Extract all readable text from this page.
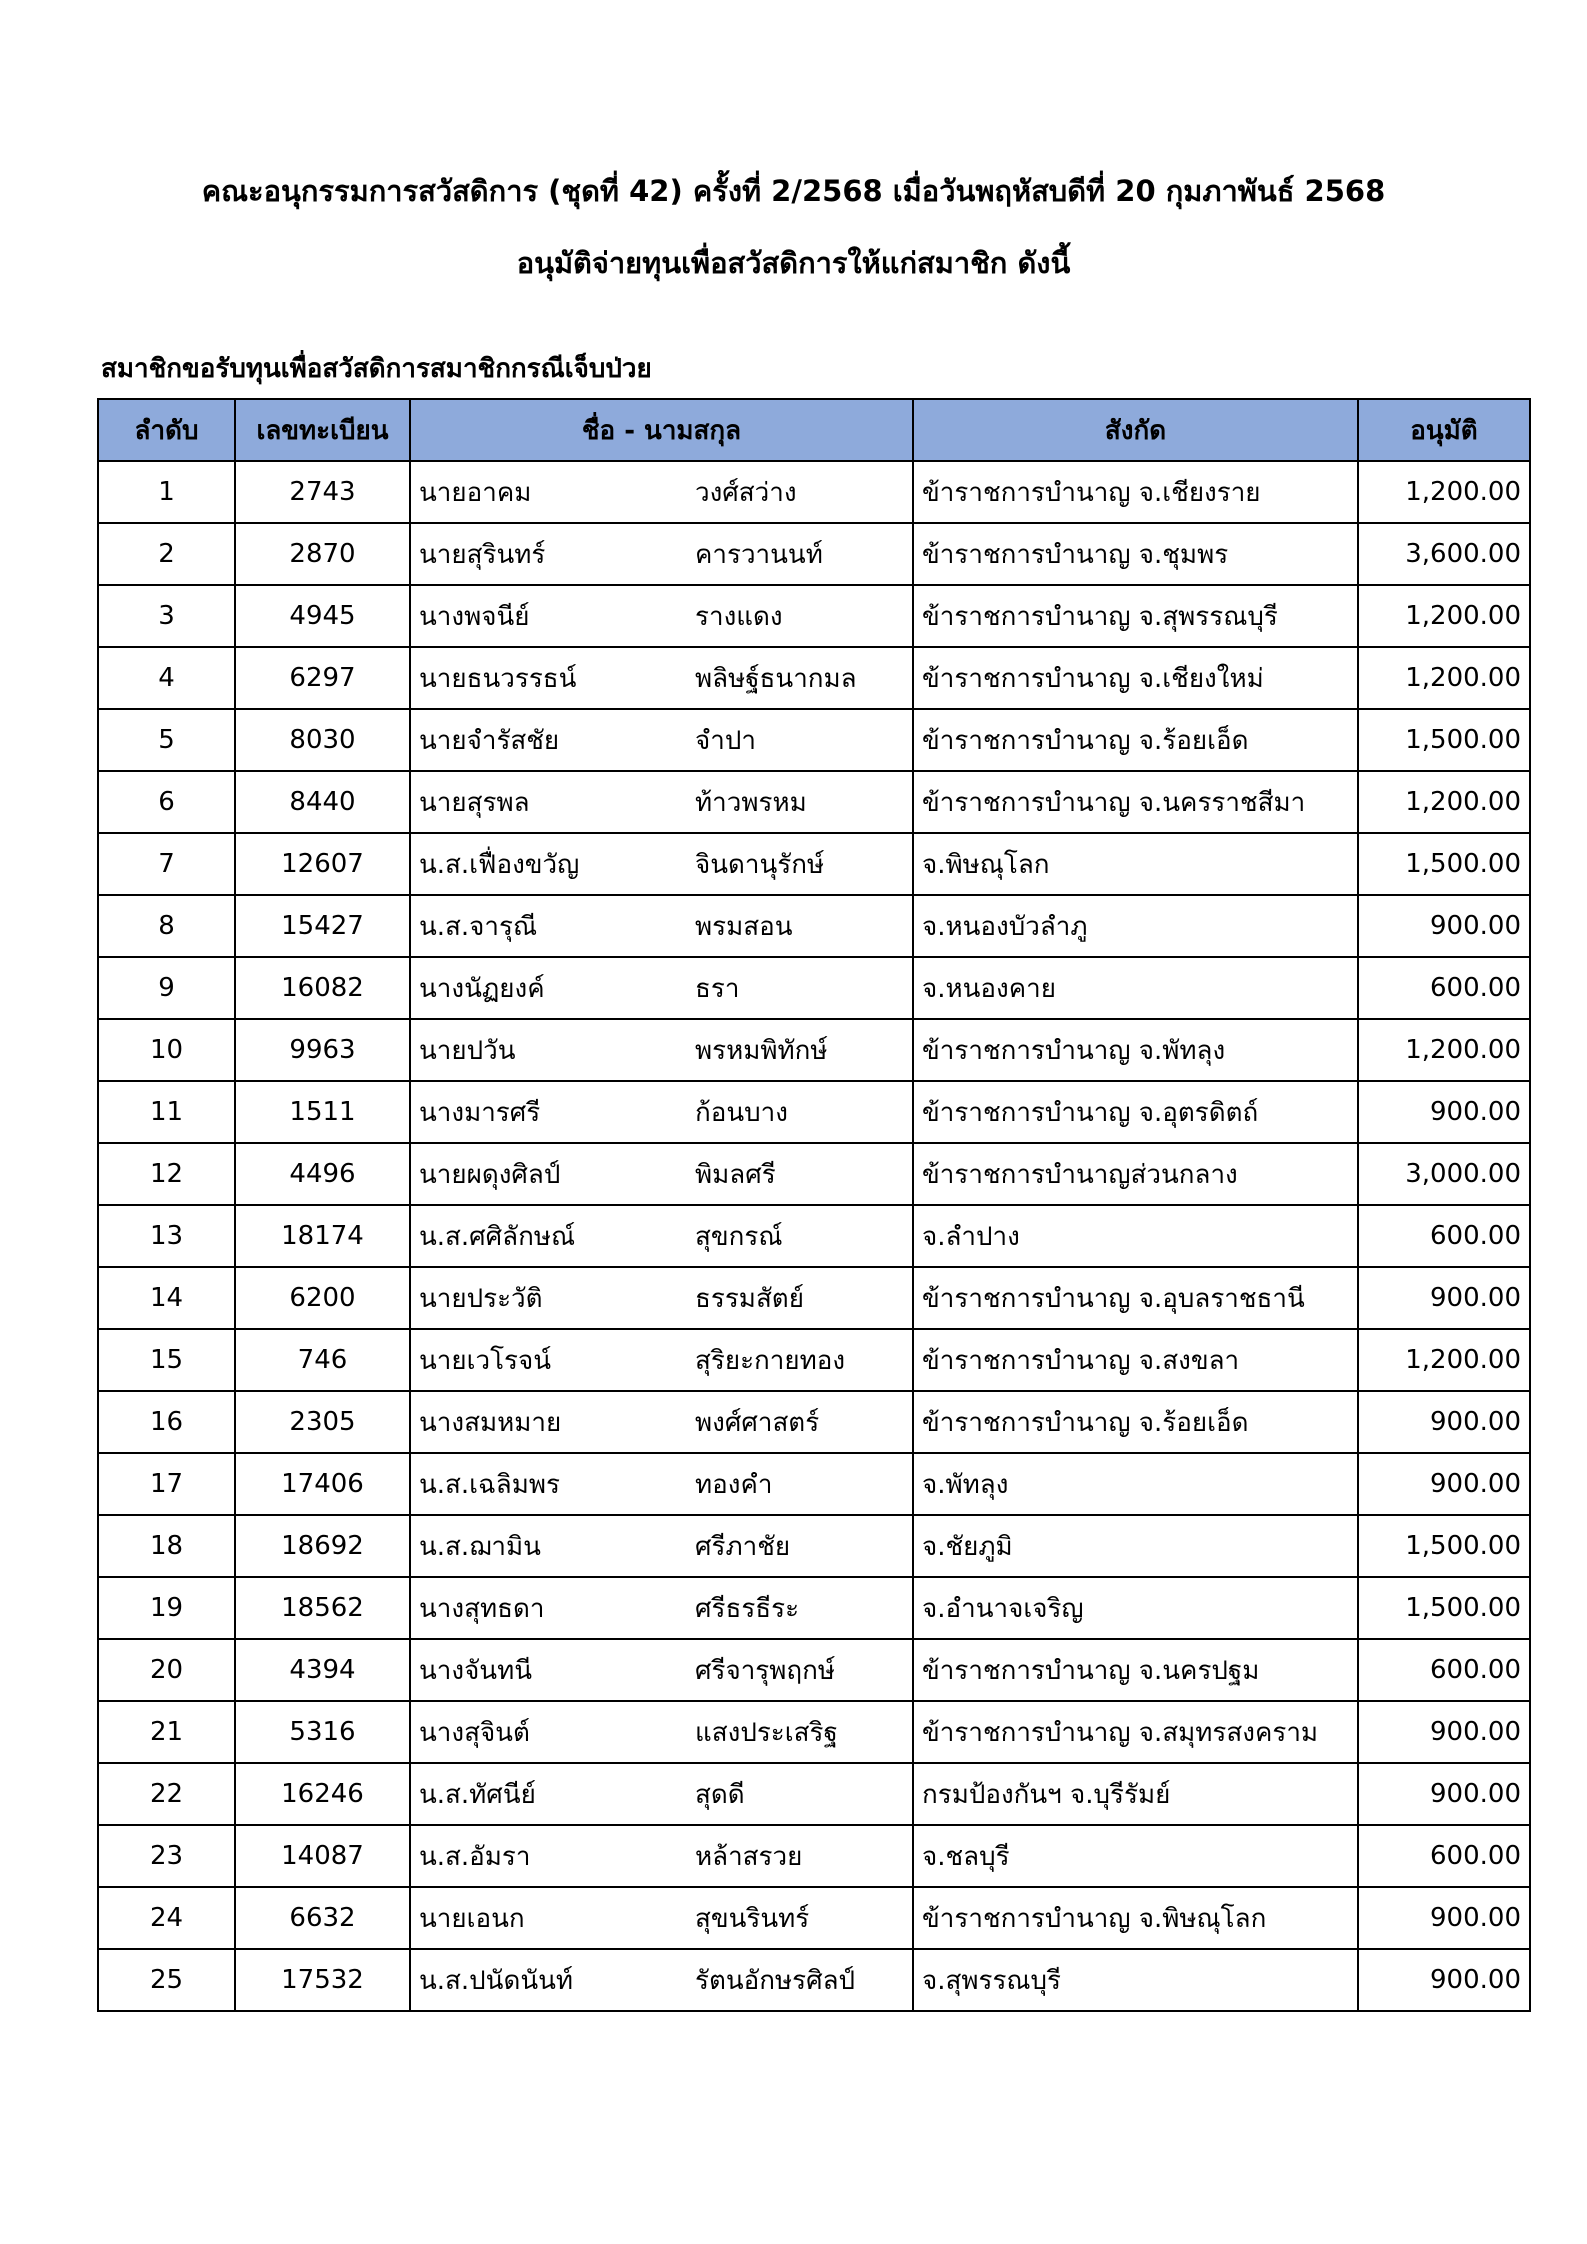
คณะอนุกรรมการสวัสดิการ (ชุดที่ 42) ครั้งที่ 2/2568 เมื่อวันพฤหัสบดีที่ 20 กุมภาพันธ์ 2568
อนุมัติจ่ายทุนเพื่อสวัสดิการให้แก่สมาชิก ดังนี้
สมาชิกขอรับทุนเพื่อสวัสดิการสมาชิกกรณีเจ็บป่วย
ลำดับ	เลขทะเบียน	ชื่อ - นามสกุล		สังกัด	อนุมัติ
1	2743	นายอาคม	วงศ์สว่าง	ข้าราชการบำนาญ จ.เชียงราย	1,200.00
2	2870	นายสุรินทร์	คารวานนท์	ข้าราชการบำนาญ จ.ชุมพร	3,600.00
3	4945	นางพจนีย์	รางแดง	ข้าราชการบำนาญ จ.สุพรรณบุรี	1,200.00
4	6297	นายธนวรรธน์	พลิษฐ์ธนากมล	ข้าราชการบำนาญ จ.เชียงใหม่	1,200.00
5	8030	นายจำรัสชัย	จำปา	ข้าราชการบำนาญ จ.ร้อยเอ็ด	1,500.00
6	8440	นายสุรพล	ท้าวพรหม	ข้าราชการบำนาญ จ.นครราชสีมา	1,200.00
7	12607	น.ส.เฟื่องขวัญ	จินดานุรักษ์	จ.พิษณุโลก	1,500.00
8	15427	น.ส.จารุณี	พรมสอน	จ.หนองบัวลำภู	900.00
9	16082	นางนัฏยงค์	ธรา	จ.หนองคาย	600.00
10	9963	นายปวัน	พรหมพิทักษ์	ข้าราชการบำนาญ จ.พัทลุง	1,200.00
11	1511	นางมารศรี	ก้อนบาง	ข้าราชการบำนาญ จ.อุตรดิตถ์	900.00
12	4496	นายผดุงศิลป์	พิมลศรี	ข้าราชการบำนาญส่วนกลาง	3,000.00
13	18174	น.ส.ศศิลักษณ์	สุขกรณ์	จ.ลำปาง	600.00
14	6200	นายประวัติ	ธรรมสัตย์	ข้าราชการบำนาญ จ.อุบลราชธานี	900.00
15	746	นายเวโรจน์	สุริยะกายทอง	ข้าราชการบำนาญ จ.สงขลา	1,200.00
16	2305	นางสมหมาย	พงศ์ศาสตร์	ข้าราชการบำนาญ จ.ร้อยเอ็ด	900.00
17	17406	น.ส.เฉลิมพร	ทองคำ	จ.พัทลุง	900.00
18	18692	น.ส.ฌามิน	ศรีภาชัย	จ.ชัยภูมิ	1,500.00
19	18562	นางสุทธดา	ศรีธรธีระ	จ.อำนาจเจริญ	1,500.00
20	4394	นางจันทนี	ศรีจารุพฤกษ์	ข้าราชการบำนาญ จ.นครปฐม	600.00
21	5316	นางสุจินต์	แสงประเสริฐ	ข้าราชการบำนาญ จ.สมุทรสงคราม	900.00
22	16246	น.ส.ทัศนีย์	สุดดี	กรมป้องกันฯ จ.บุรีรัมย์	900.00
23	14087	น.ส.อัมรา	หล้าสรวย	จ.ชลบุรี	600.00
24	6632	นายเอนก	สุขนรินทร์	ข้าราชการบำนาญ จ.พิษณุโลก	900.00
25	17532	น.ส.ปนัดนันท์	รัตนอักษรศิลป์	จ.สุพรรณบุรี	900.00
